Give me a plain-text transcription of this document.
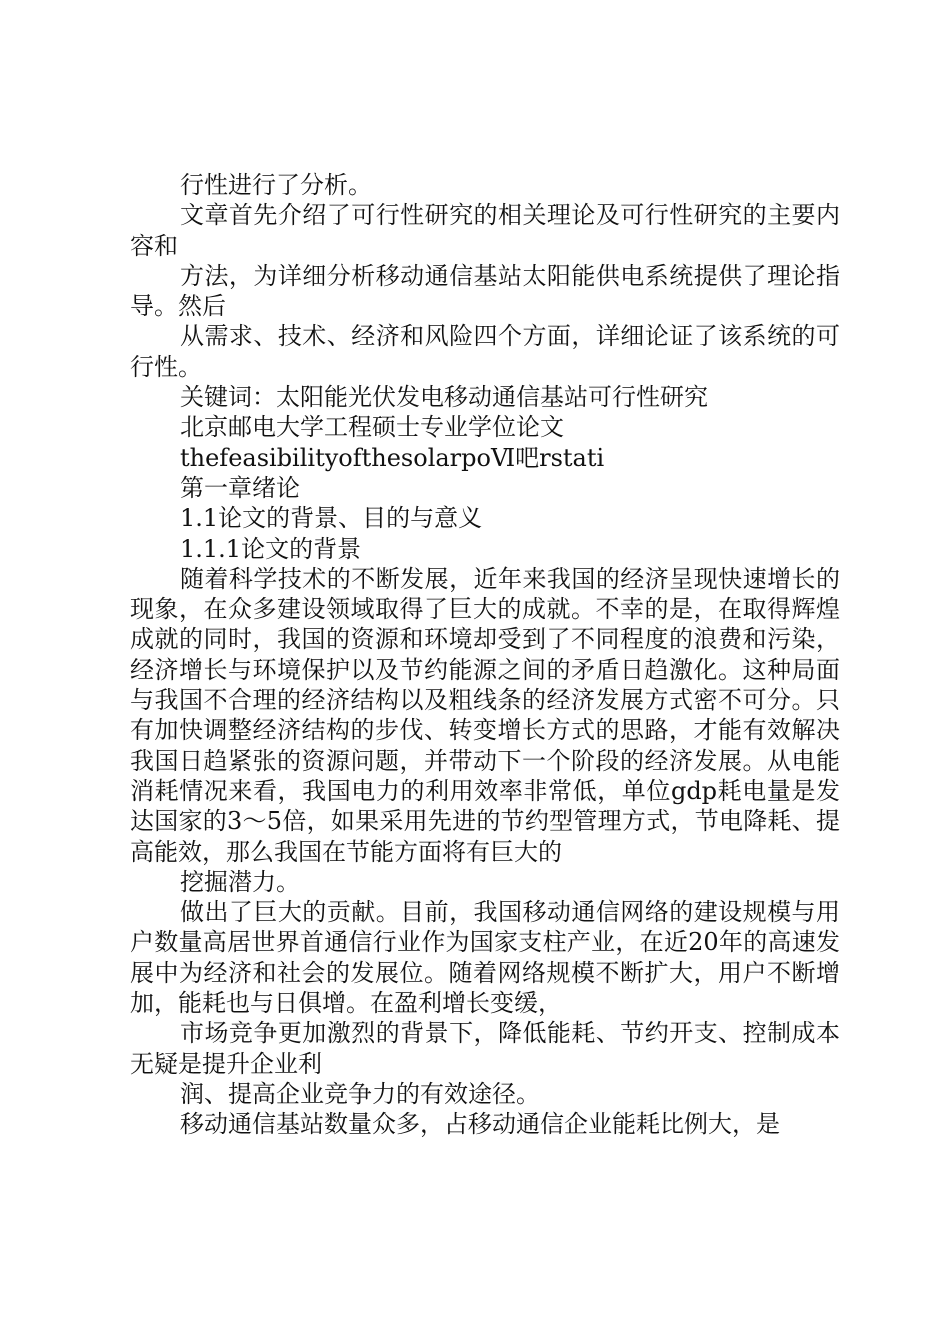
行性进行了分析。

文章首先介绍了可行性研究的相关理论及可行性研究的主要内容和

方法，为详细分析移动通信基站太阳能供电系统提供了理论指导。然后

从需求、技术、经济和风险四个方面，详细论证了该系统的可行性。

关键词：太阳能光伏发电移动通信基站可行性研究

北京邮电大学工程硕士专业学位论文

thefeasibilityofthesolarpoⅥ吧rstati

第一章绪论

1.1论文的背景、目的与意义

1.1.1论文的背景

随着科学技术的不断发展，近年来我国的经济呈现快速增长的现象，在众多建设领域取得了巨大的成就。不幸的是，在取得辉煌成就的同时，我国的资源和环境却受到了不同程度的浪费和污染，经济增长与环境保护以及节约能源之间的矛盾日趋激化。这种局面与我国不合理的经济结构以及粗线条的经济发展方式密不可分。只有加快调整经济结构的步伐、转变增长方式的思路，才能有效解决我国日趋紧张的资源问题，并带动下一个阶段的经济发展。从电能消耗情况来看，我国电力的利用效率非常低，单位gdp耗电量是发达国家的3～5倍，如果采用先进的节约型管理方式，节电降耗、提高能效，那么我国在节能方面将有巨大的

挖掘潜力。

做出了巨大的贡献。目前，我国移动通信网络的建设规模与用户数量高居世界首通信行业作为国家支柱产业，在近20年的高速发展中为经济和社会的发展位。随着网络规模不断扩大，用户不断增加，能耗也与日俱增。在盈利增长变缓，

市场竞争更加激烈的背景下，降低能耗、节约开支、控制成本无疑是提升企业利

润、提高企业竞争力的有效途径。

移动通信基站数量众多，占移动通信企业能耗比例大，是
